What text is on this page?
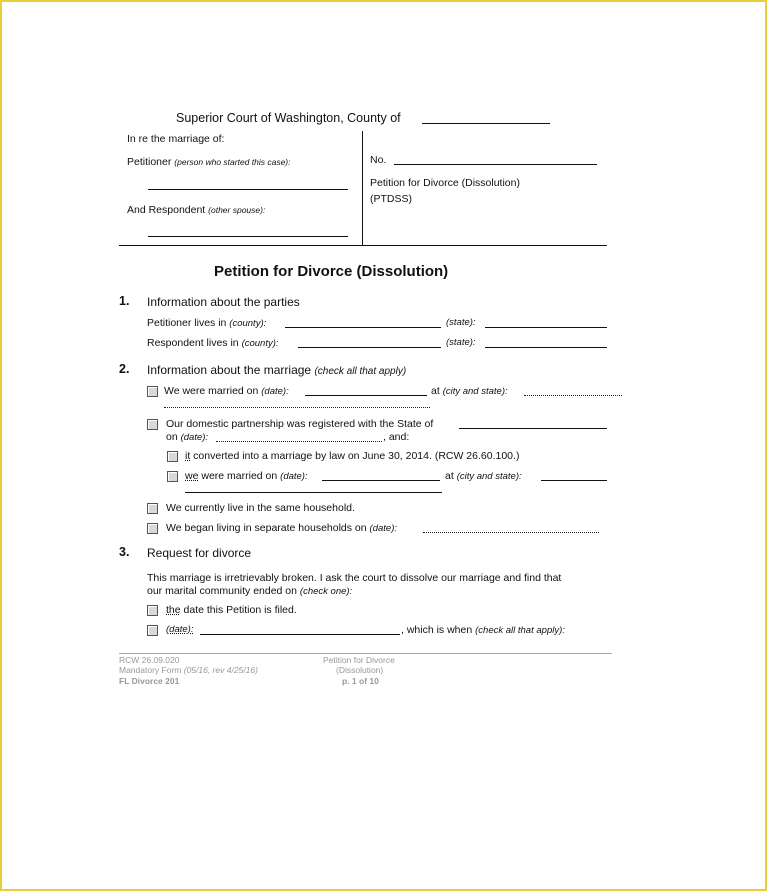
Superior Court of Washington, County of
In re the marriage of:
Petitioner (person who started this case):
And Respondent (other spouse):
No.
Petition for Divorce (Dissolution)
(PTDSS)
Petition for Divorce (Dissolution)
1. Information about the parties
Petitioner lives in (county):	(state):
Respondent lives in (county):	(state):
2. Information about the marriage (check all that apply)
We were married on (date):	at (city and state):
Our domestic partnership was registered with the State of
on (date):	, and:
it converted into a marriage by law on June 30, 2014. (RCW 26.60.100.)
we were married on (date):	at (city and state):
We currently live in the same household.
We began living in separate households on (date):
3. Request for divorce
This marriage is irretrievably broken. I ask the court to dissolve our marriage and find that
our marital community ended on (check one):
the date this Petition is filed.
(date):	, which is when (check all that apply):
RCW 26.09.020
Mandatory Form (05/16, rev 4/25/16)
FL Divorce 201
Petition for Divorce
(Dissolution)
p. 1 of 10
